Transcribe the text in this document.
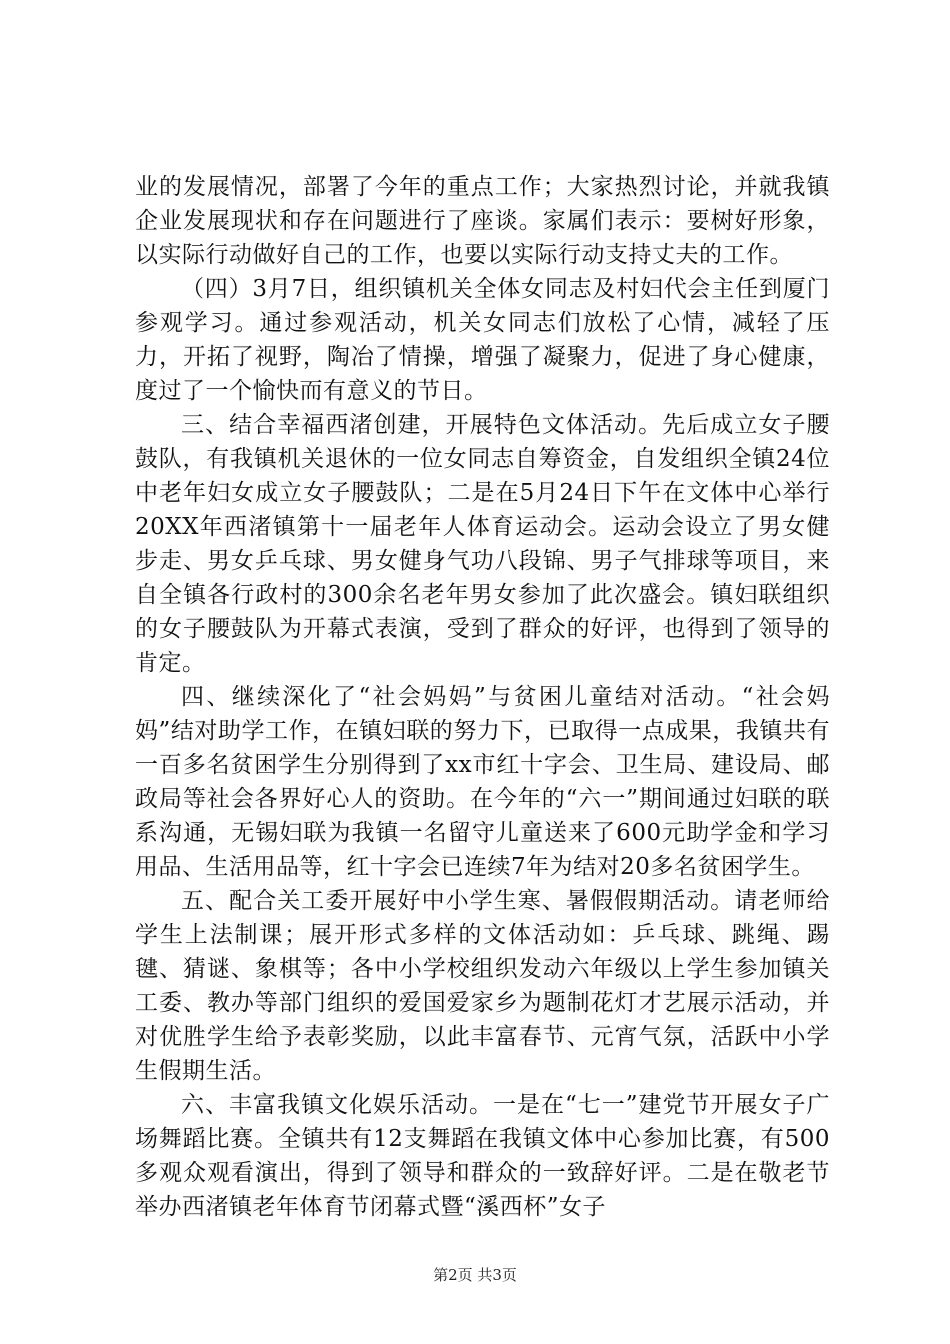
业的发展情况，部署了今年的重点工作；大家热烈讨论，并就我镇企业发展现状和存在问题进行了座谈。家属们表示：要树好形象，以实际行动做好自己的工作，也要以实际行动支持丈夫的工作。

（四）3月7日，组织镇机关全体女同志及村妇代会主任到厦门参观学习。通过参观活动，机关女同志们放松了心情，减轻了压力，开拓了视野，陶冶了情操，增强了凝聚力，促进了身心健康，度过了一个愉快而有意义的节日。

三、结合幸福西渚创建，开展特色文体活动。先后成立女子腰鼓队，有我镇机关退休的一位女同志自筹资金，自发组织全镇24位中老年妇女成立女子腰鼓队；二是在5月24日下午在文体中心举行20XX年西渚镇第十一届老年人体育运动会。运动会设立了男女健步走、男女乒乓球、男女健身气功八段锦、男子气排球等项目，来自全镇各行政村的300余名老年男女参加了此次盛会。镇妇联组织的女子腰鼓队为开幕式表演，受到了群众的好评，也得到了领导的肯定。

四、继续深化了“社会妈妈”与贫困儿童结对活动。“社会妈妈”结对助学工作，在镇妇联的努力下，已取得一点成果，我镇共有一百多名贫困学生分别得到了xx市红十字会、卫生局、建设局、邮政局等社会各界好心人的资助。在今年的“六一”期间通过妇联的联系沟通，无锡妇联为我镇一名留守儿童送来了600元助学金和学习用品、生活用品等，红十字会已连续7年为结对20多名贫困学生。

五、配合关工委开展好中小学生寒、暑假假期活动。请老师给学生上法制课；展开形式多样的文体活动如：乒乓球、跳绳、踢毽、猜谜、象棋等；各中小学校组织发动六年级以上学生参加镇关工委、教办等部门组织的爱国爱家乡为题制花灯才艺展示活动，并对优胜学生给予表彰奖励，以此丰富春节、元宵气氛，活跃中小学生假期生活。

六、丰富我镇文化娱乐活动。一是在“七一”建党节开展女子广场舞蹈比赛。全镇共有12支舞蹈在我镇文体中心参加比赛，有500多观众观看演出，得到了领导和群众的一致辞好评。二是在敬老节举办西渚镇老年体育节闭幕式暨“溪西杯”女子

第2页 共3页
